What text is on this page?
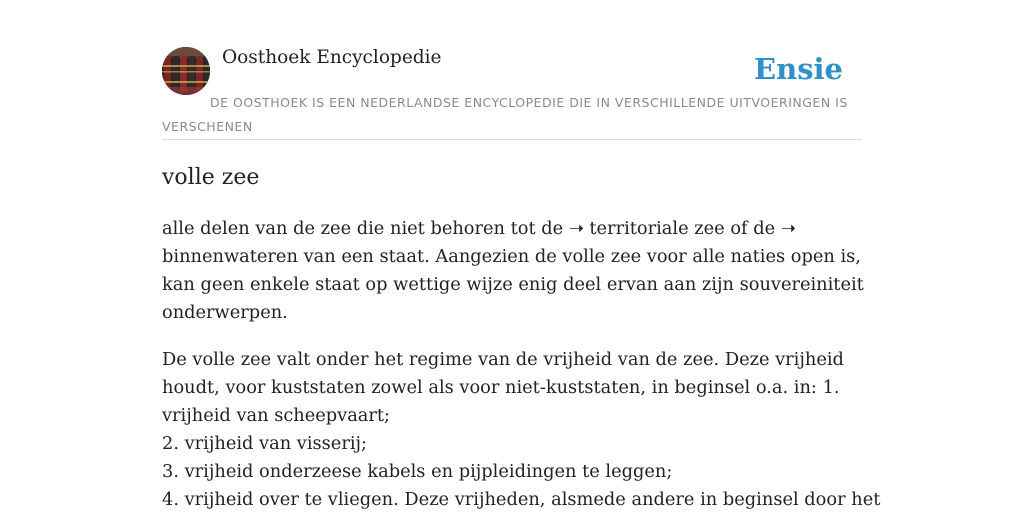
Oosthoek Encyclopedie	Ensie
DE OOSTHOEK IS EEN NEDERLANDSE ENCYCLOPEDIE DIE IN VERSCHILLENDE UITVOERINGEN IS VERSCHENEN
volle zee

alle delen van de zee die niet behoren tot de ➝ territoriale zee of de ➝
binnenwateren van een staat. Aangezien de volle zee voor alle naties open is,
kan geen enkele staat op wettige wijze enig deel ervan aan zijn souvereiniteit
onderwerpen.

De volle zee valt onder het regime van de vrijheid van de zee. Deze vrijheid
houdt, voor kuststaten zowel als voor niet-kuststaten, in beginsel o.a. in: 1.
vrijheid van scheepvaart;
2. vrijheid van visserij;
3. vrijheid onderzeese kabels en pijpleidingen te leggen;
4. vrijheid over te vliegen. Deze vrijheden, alsmede andere in beginsel door het
